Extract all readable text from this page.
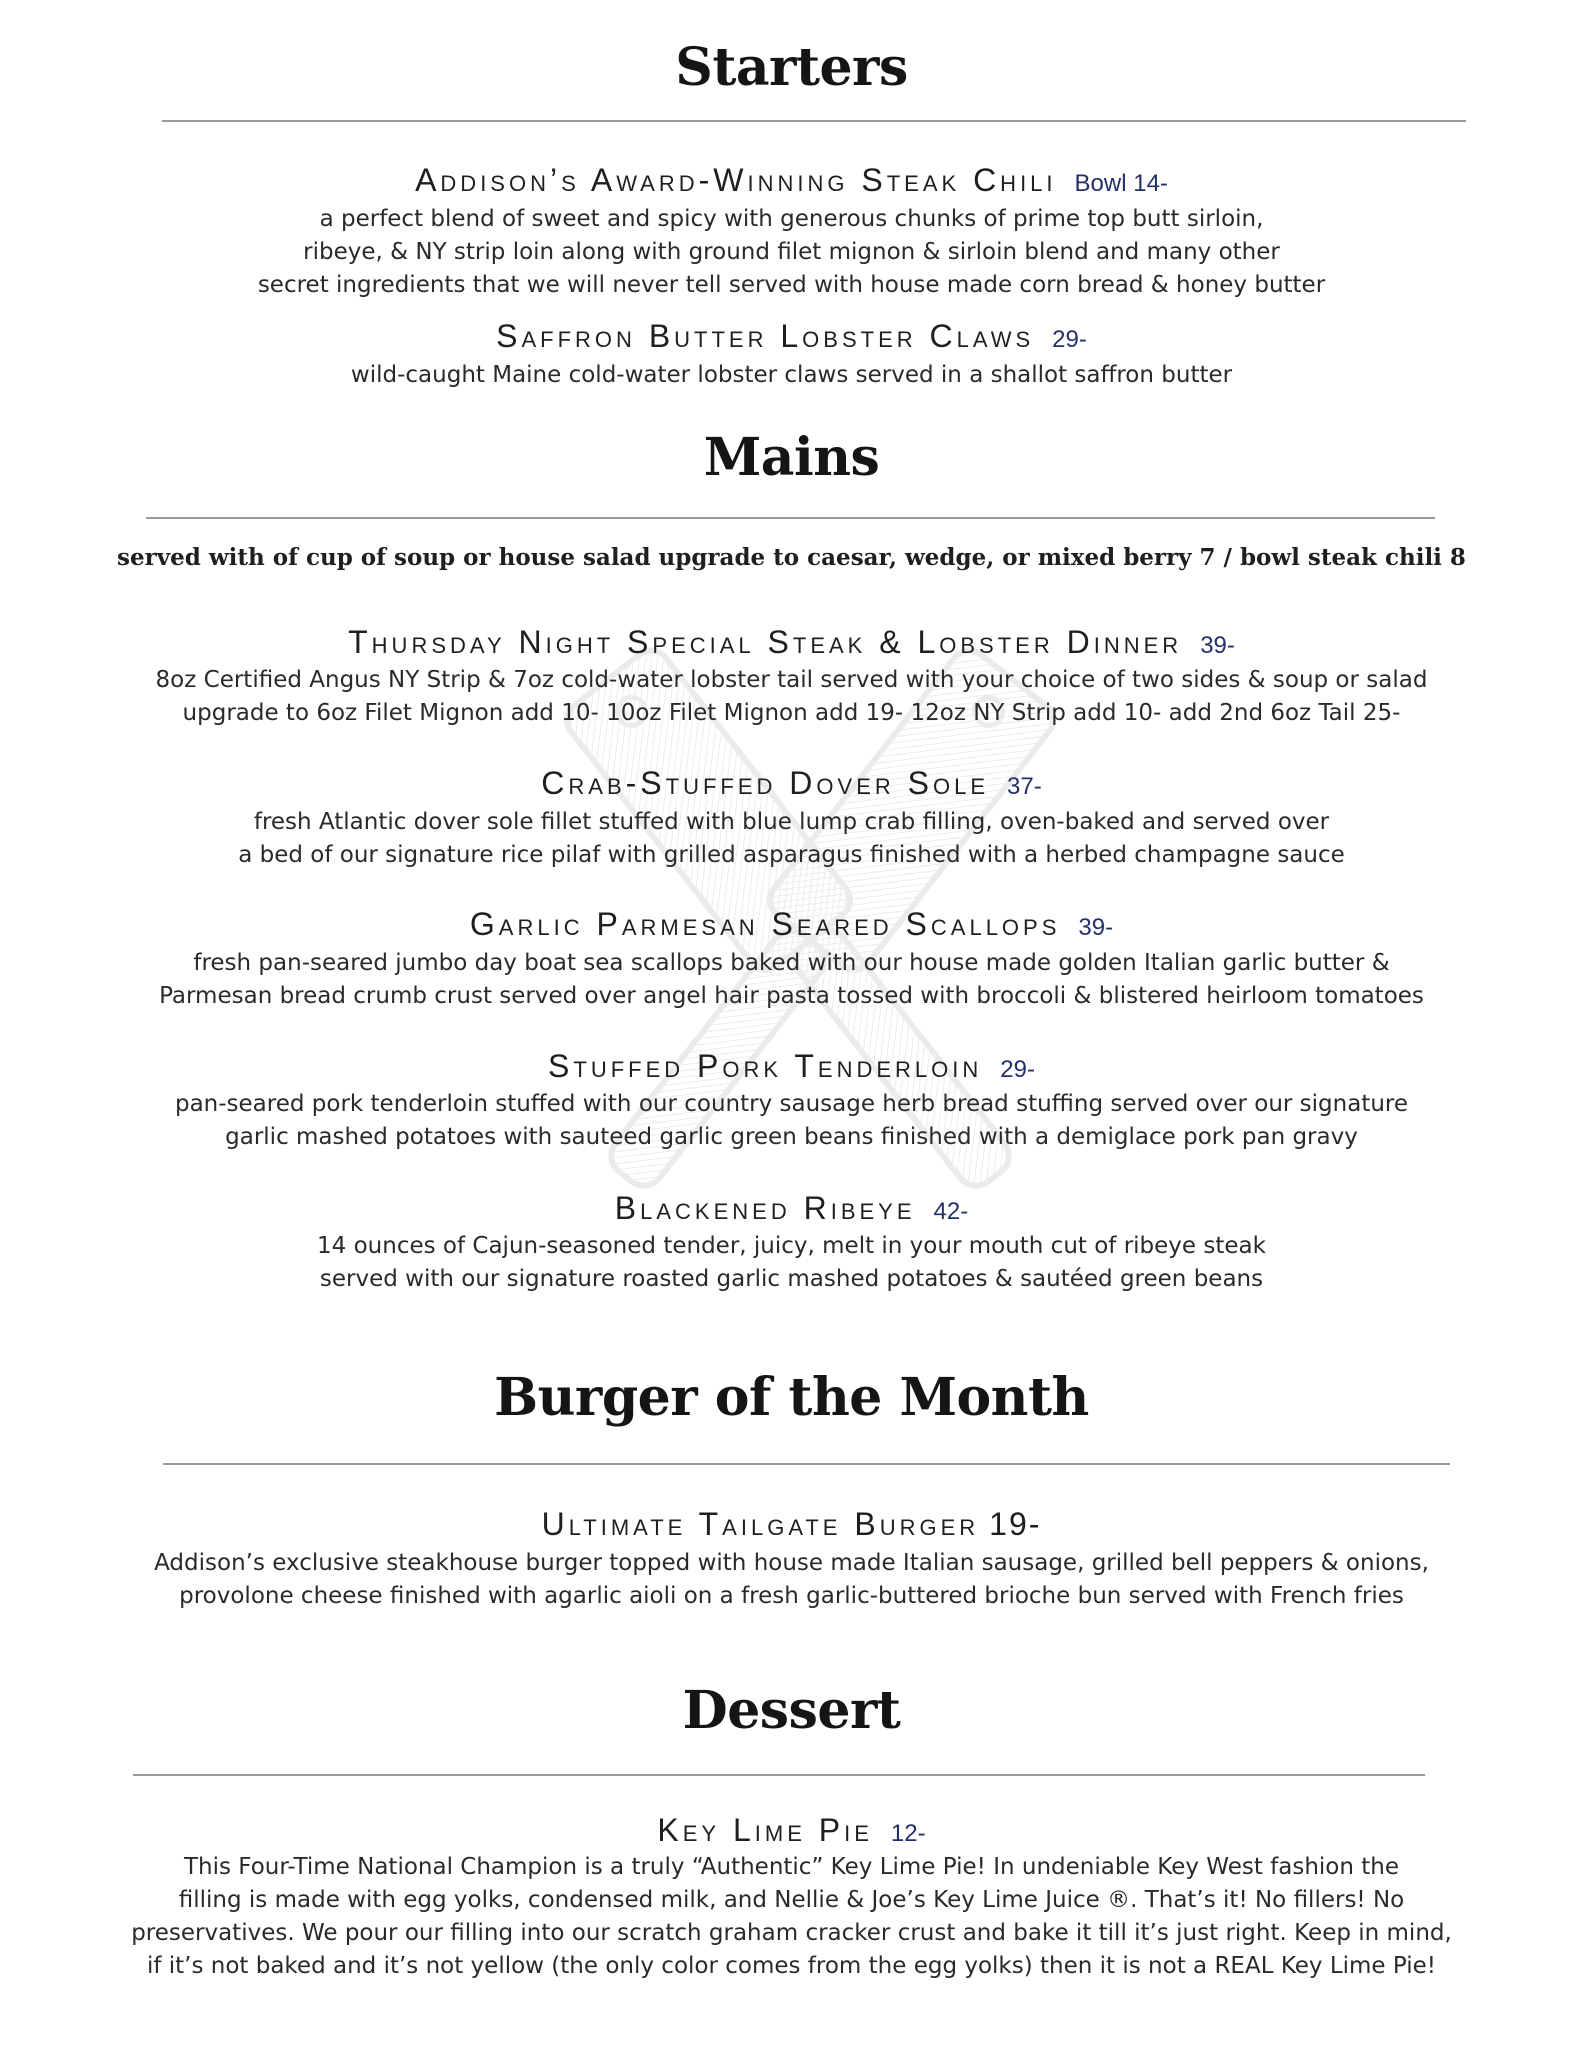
Starters
Addison’s Award-Winning Steak Chili Bowl 14-
a perfect blend of sweet and spicy with generous chunks of prime top butt sirloin,
ribeye, & NY strip loin along with ground filet mignon & sirloin blend and many other
secret ingredients that we will never tell served with house made corn bread & honey butter
Saffron Butter Lobster Claws 29-
wild-caught Maine cold-water lobster claws served in a shallot saffron butter
Mains
served with of cup of soup or house salad upgrade to caesar, wedge, or mixed berry 7 / bowl steak chili 8
Thursday Night Special Steak & Lobster Dinner 39-
8oz Certified Angus NY Strip & 7oz cold-water lobster tail served with your choice of two sides & soup or salad
upgrade to 6oz Filet Mignon add 10- 10oz Filet Mignon add 19- 12oz NY Strip add 10- add 2nd 6oz Tail 25-
Crab-Stuffed Dover Sole 37-
fresh Atlantic dover sole fillet stuffed with blue lump crab filling, oven-baked and served over
a bed of our signature rice pilaf with grilled asparagus finished with a herbed champagne sauce
Garlic Parmesan Seared Scallops 39-
fresh pan-seared jumbo day boat sea scallops baked with our house made golden Italian garlic butter &
Parmesan bread crumb crust served over angel hair pasta tossed with broccoli & blistered heirloom tomatoes
Stuffed Pork Tenderloin 29-
pan-seared pork tenderloin stuffed with our country sausage herb bread stuffing served over our signature
garlic mashed potatoes with sauteed garlic green beans finished with a demiglace pork pan gravy
Blackened Ribeye 42-
14 ounces of Cajun-seasoned tender, juicy, melt in your mouth cut of ribeye steak
served with our signature roasted garlic mashed potatoes & sautéed green beans
Burger of the Month
Ultimate Tailgate Burger 19-
Addison’s exclusive steakhouse burger topped with house made Italian sausage, grilled bell peppers & onions,
provolone cheese finished with agarlic aioli on a fresh garlic-buttered brioche bun served with French fries
Dessert
Key Lime Pie 12-
This Four-Time National Champion is a truly “Authentic” Key Lime Pie! In undeniable Key West fashion the
filling is made with egg yolks, condensed milk, and Nellie & Joe’s Key Lime Juice ®. That’s it! No fillers! No
preservatives. We pour our filling into our scratch graham cracker crust and bake it till it’s just right. Keep in mind,
if it’s not baked and it’s not yellow (the only color comes from the egg yolks) then it is not a REAL Key Lime Pie!
